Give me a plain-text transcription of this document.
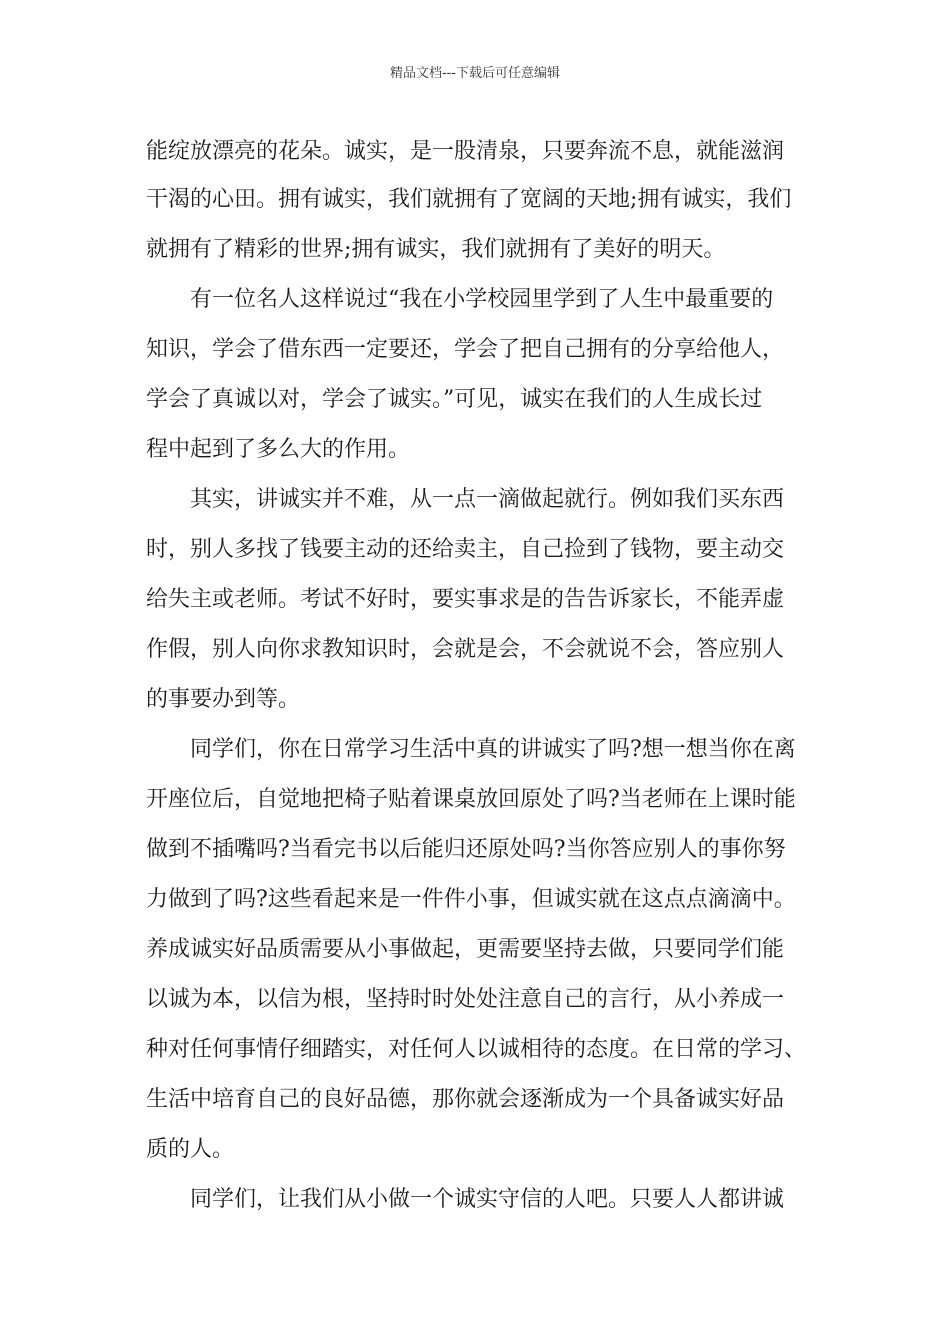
精品文档---下载后可任意编辑
能绽放漂亮的花朵。诚实，是一股清泉，只要奔流不息，就能滋润
干渴的心田。拥有诚实，我们就拥有了宽阔的天地;拥有诚实，我们
就拥有了精彩的世界;拥有诚实，我们就拥有了美好的明天。
有一位名人这样说过“我在小学校园里学到了人生中最重要的
知识，学会了借东西一定要还，学会了把自己拥有的分享给他人，
学会了真诚以对，学会了诚实。”可见，诚实在我们的人生成长过
程中起到了多么大的作用。
其实，讲诚实并不难，从一点一滴做起就行。例如我们买东西
时，别人多找了钱要主动的还给卖主，自己捡到了钱物，要主动交
给失主或老师。考试不好时，要实事求是的告告诉家长，不能弄虚
作假，别人向你求教知识时，会就是会，不会就说不会，答应别人
的事要办到等。
同学们，你在日常学习生活中真的讲诚实了吗?想一想当你在离
开座位后，自觉地把椅子贴着课桌放回原处了吗?当老师在上课时能
做到不插嘴吗?当看完书以后能归还原处吗?当你答应别人的事你努
力做到了吗?这些看起来是一件件小事，但诚实就在这点点滴滴中。
养成诚实好品质需要从小事做起，更需要坚持去做，只要同学们能
以诚为本，以信为根，坚持时时处处注意自己的言行，从小养成一
种对任何事情仔细踏实，对任何人以诚相待的态度。在日常的学习、
生活中培育自己的良好品德，那你就会逐渐成为一个具备诚实好品
质的人。
同学们，让我们从小做一个诚实守信的人吧。只要人人都讲诚
